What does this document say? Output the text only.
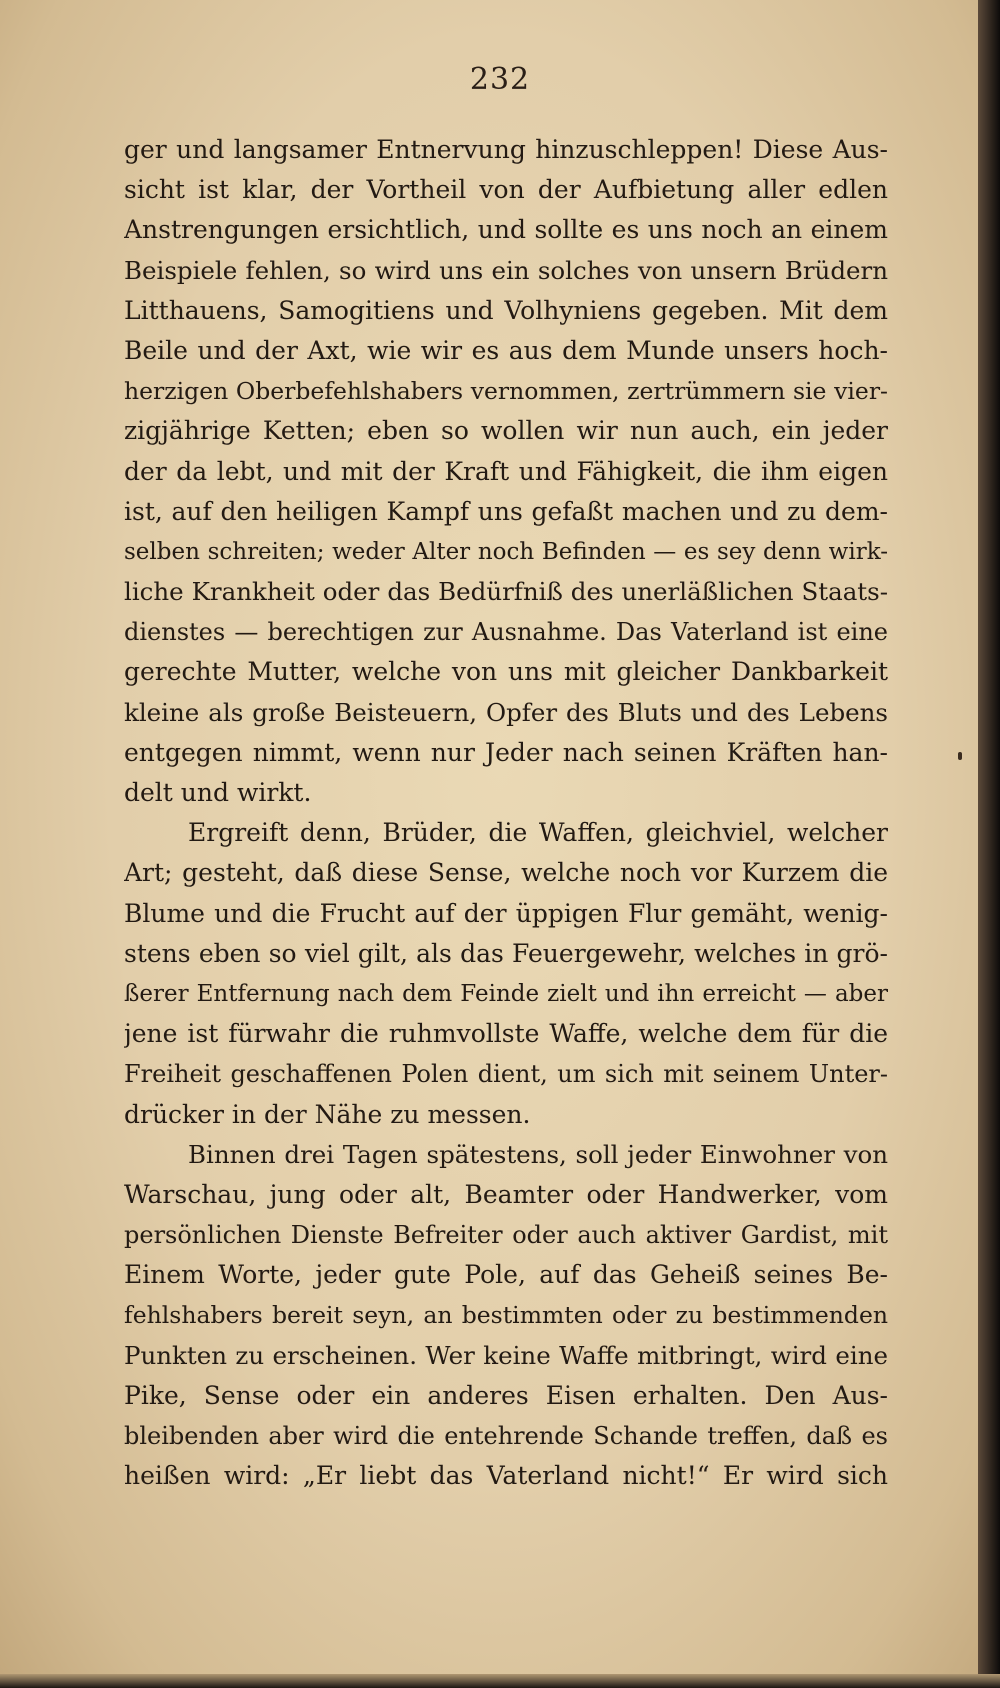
232
ger und langsamer Entnervung hinzuschleppen! Diese Aus-
sicht ist klar, der Vortheil von der Aufbietung aller edlen
Anstrengungen ersichtlich, und sollte es uns noch an einem
Beispiele fehlen, so wird uns ein solches von unsern Brüdern
Litthauens, Samogitiens und Volhyniens gegeben. Mit dem
Beile und der Axt, wie wir es aus dem Munde unsers hoch-
herzigen Oberbefehlshabers vernommen, zertrümmern sie vier-
zigjährige Ketten; eben so wollen wir nun auch, ein jeder
der da lebt, und mit der Kraft und Fähigkeit, die ihm eigen
ist, auf den heiligen Kampf uns gefaßt machen und zu dem-
selben schreiten; weder Alter noch Befinden — es sey denn wirk-
liche Krankheit oder das Bedürfniß des unerläßlichen Staats-
dienstes — berechtigen zur Ausnahme. Das Vaterland ist eine
gerechte Mutter, welche von uns mit gleicher Dankbarkeit
kleine als große Beisteuern, Opfer des Bluts und des Lebens
entgegen nimmt, wenn nur Jeder nach seinen Kräften han-
delt und wirkt.
Ergreift denn, Brüder, die Waffen, gleichviel, welcher
Art; gesteht, daß diese Sense, welche noch vor Kurzem die
Blume und die Frucht auf der üppigen Flur gemäht, wenig-
stens eben so viel gilt, als das Feuergewehr, welches in grö-
ßerer Entfernung nach dem Feinde zielt und ihn erreicht — aber
jene ist fürwahr die ruhmvollste Waffe, welche dem für die
Freiheit geschaffenen Polen dient, um sich mit seinem Unter-
drücker in der Nähe zu messen.
Binnen drei Tagen spätestens, soll jeder Einwohner von
Warschau, jung oder alt, Beamter oder Handwerker, vom
persönlichen Dienste Befreiter oder auch aktiver Gardist, mit
Einem Worte, jeder gute Pole, auf das Geheiß seines Be-
fehlshabers bereit seyn, an bestimmten oder zu bestimmenden
Punkten zu erscheinen. Wer keine Waffe mitbringt, wird eine
Pike, Sense oder ein anderes Eisen erhalten. Den Aus-
bleibenden aber wird die entehrende Schande treffen, daß es
heißen wird: „Er liebt das Vaterland nicht!“ Er wird sich
